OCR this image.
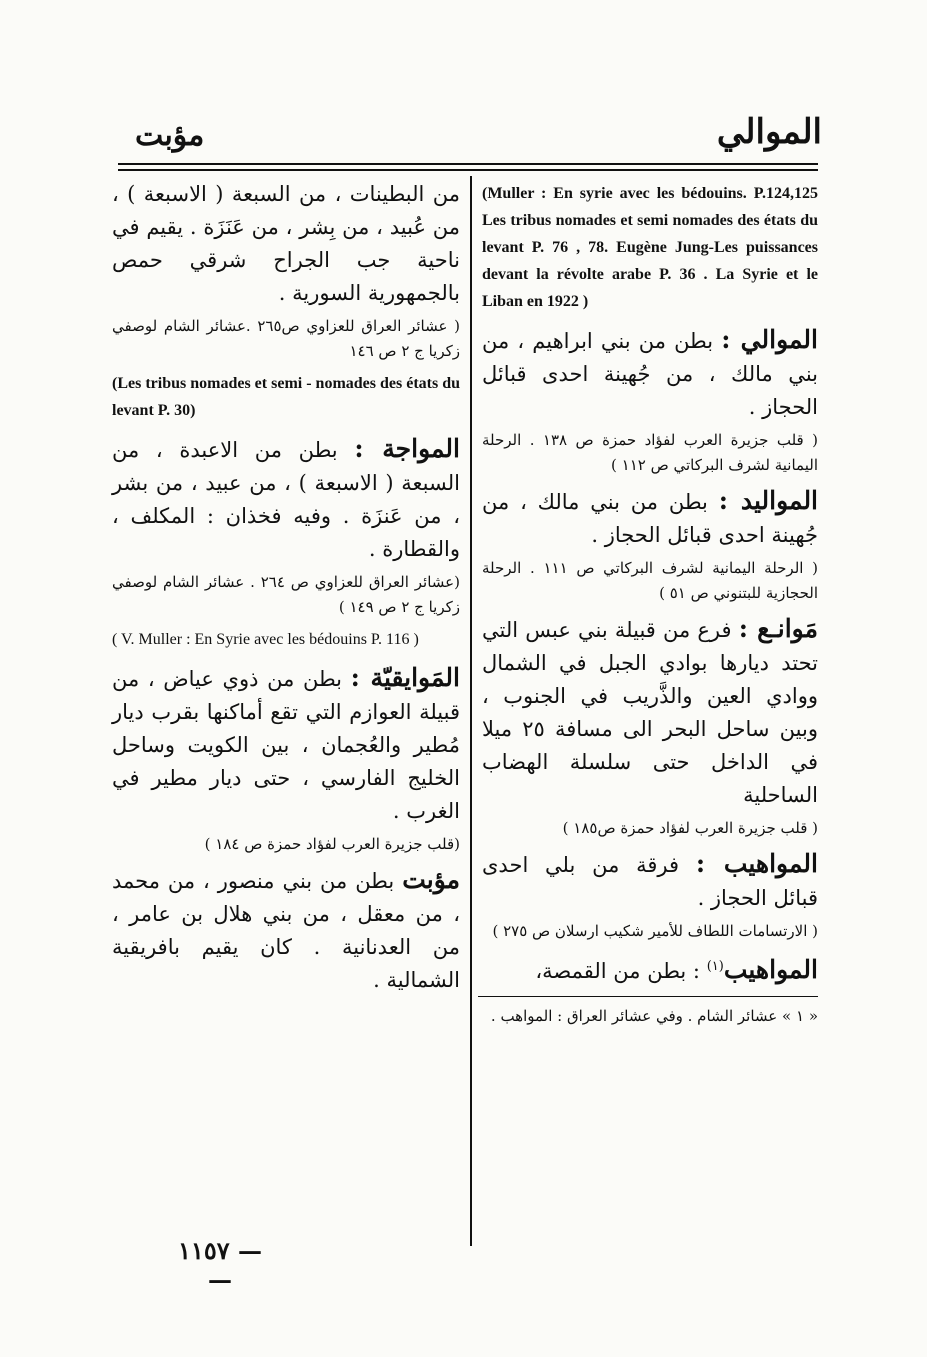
الموالي
مؤبت

(Muller : En syrie avec les bédouins. P.124,125 Les tribus nomades et semi nomades des états du levant P. 76 , 78. Eugène Jung-Les puissances devant la révolte arabe P. 36 . La Syrie et le Liban en 1922 )

الموالي : بطن من بني ابراهيم ، من بني مالك ، من جُهينة احدى قبائل الحجاز .

( قلب جزيرة العرب لفؤاد حمزة ص ١٣٨ . الرحلة اليمانية لشرف البركاتي ص ١١٢ )

المواليد : بطن من بني مالك ، من جُهينة احدى قبائل الحجاز .

( الرحلة اليمانية لشرف البركاتي ص ١١١ . الرحلة الحجازية للبتنوني ص ٥١ )

مَوانـع : فرع من قبيلة بني عبس التي تحتد ديارها بوادي الجبل في الشمال ووادي العين والذَّريب في الجنوب ، وبين ساحل البحر الى مسافة ٢٥ ميلا في الداخل حتى سلسلة الهضاب الساحلية

( قلب جزيرة العرب لفؤاد حمزة ص١٨٥ )

المواهيب : فرقة من بلي احدى قبائل الحجاز .

( الارتسامات اللطاف للأمير شكيب ارسلان ص ٢٧٥ )

المواهيب$^{(١)}$ : بطن من القمصة،

« ١ » عشائر الشام . وفي عشائر العراق : المواهب .

من البطينات ، من السبعة ( الاسبعة ) ، من عُبيد ، من بِشر ، من عَنَزَة . يقيم في ناحية جب الجراح شرقي حمص بالجمهورية السورية .

( عشائر العراق للعزاوي ص٢٦٥ .عشائر الشام لوصفي زكريا ج ٢ ص ١٤٦

(Les tribus nomades et semi - nomades des états du levant P. 30)

المواجة : بطن من الاعبدة ، من السبعة ( الاسبعة ) ، من عبيد ، من بشر ، من عَنزَة . وفيه فخذان : المكلف ، والقطارة .

(عشائر العراق للعزاوي ص ٢٦٤ . عشائر الشام لوصفي زكريا ج ٢ ص ١٤٩ )

( V. Muller : En Syrie avec les bédouins P. 116 )

المَوايقيّة : بطن من ذوي عياض ، من قبيلة العوازم التي تقع أماكنها بقرب ديار مُطير والعُجمان ، بين الكويت وساحل الخليج الفارسي ، حتى ديار مطير في الغرب .

(قلب جزيرة العرب لفؤاد حمزة ص ١٨٤ )

مؤبت بطن من بني منصور ، من محمد ، من معقل ، من بني هلال بن عامر ، من العدنانية . كان يقيم بافريقية الشمالية .

— ١١٥٧ —
